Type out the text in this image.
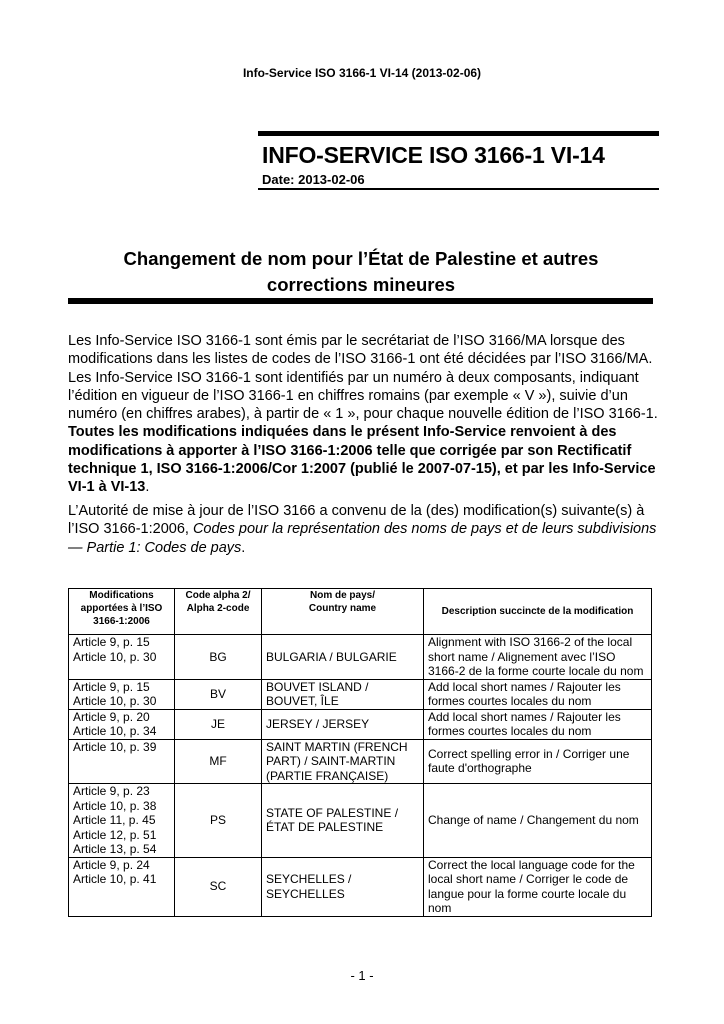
Info-Service ISO 3166-1 VI-14 (2013-02-06)
INFO-SERVICE ISO 3166-1 VI-14
Date: 2013-02-06
Changement de nom pour l’État de Palestine et autres
corrections mineures
Les Info-Service ISO 3166-1 sont émis par le secrétariat de l’ISO 3166/MA lorsque des modifications dans les listes de codes de l’ISO 3166-1 ont été décidées par l’ISO 3166/MA. Les Info-Service ISO 3166-1 sont identifiés par un numéro à deux composants, indiquant l’édition en vigueur de l’ISO 3166-1 en chiffres romains (par exemple « V »), suivie d’un numéro (en chiffres arabes), à partir de « 1 », pour chaque nouvelle édition de l’ISO 3166-1. Toutes les modifications indiquées dans le présent Info-Service renvoient à des modifications à apporter à l’ISO 3166-1:2006 telle que corrigée par son Rectificatif technique 1, ISO 3166-1:2006/Cor 1:2007 (publié le 2007-07-15), et par les Info-Service VI-1 à VI-13.
L’Autorité de mise à jour de l’ISO 3166 a convenu de la (des) modification(s) suivante(s) à l’ISO 3166-1:2006, Codes pour la représentation des noms de pays et de leurs subdivisions — Partie 1: Codes de pays.
Modifications
apportées à l’ISO
3166-1:2006	Code alpha 2/
Alpha 2-code	Nom de pays/
Country name	Description succincte de la modification

Article 9, p. 15
Article 10, p. 30	BG	BULGARIA / BULGARIE	Alignment with ISO 3166-2 of the local
short name / Alignement avec l’ISO
3166-2 de la forme courte locale du nom

Article 9, p. 15
Article 10, p. 30	BV	BOUVET ISLAND /
BOUVET, ÎLE	Add local short names / Rajouter les
formes courtes locales du nom

Article 9, p. 20
Article 10, p. 34	JE	JERSEY / JERSEY	Add local short names / Rajouter les
formes courtes locales du nom

Article 10, p. 39	MF	SAINT MARTIN (FRENCH
PART) / SAINT-MARTIN
(PARTIE FRANÇAISE)	Correct spelling error in / Corriger une
faute d'orthographe

Article 9, p. 23
Article 10, p. 38
Article 11, p. 45
Article 12, p. 51
Article 13, p. 54	PS	STATE OF PALESTINE /
ÉTAT DE PALESTINE	Change of name / Changement du nom

Article 9, p. 24
Article 10, p. 41	SC	SEYCHELLES /
SEYCHELLES	Correct the local language code for the
local short name / Corriger le code de
langue pour la forme courte locale du
nom
- 1 -
